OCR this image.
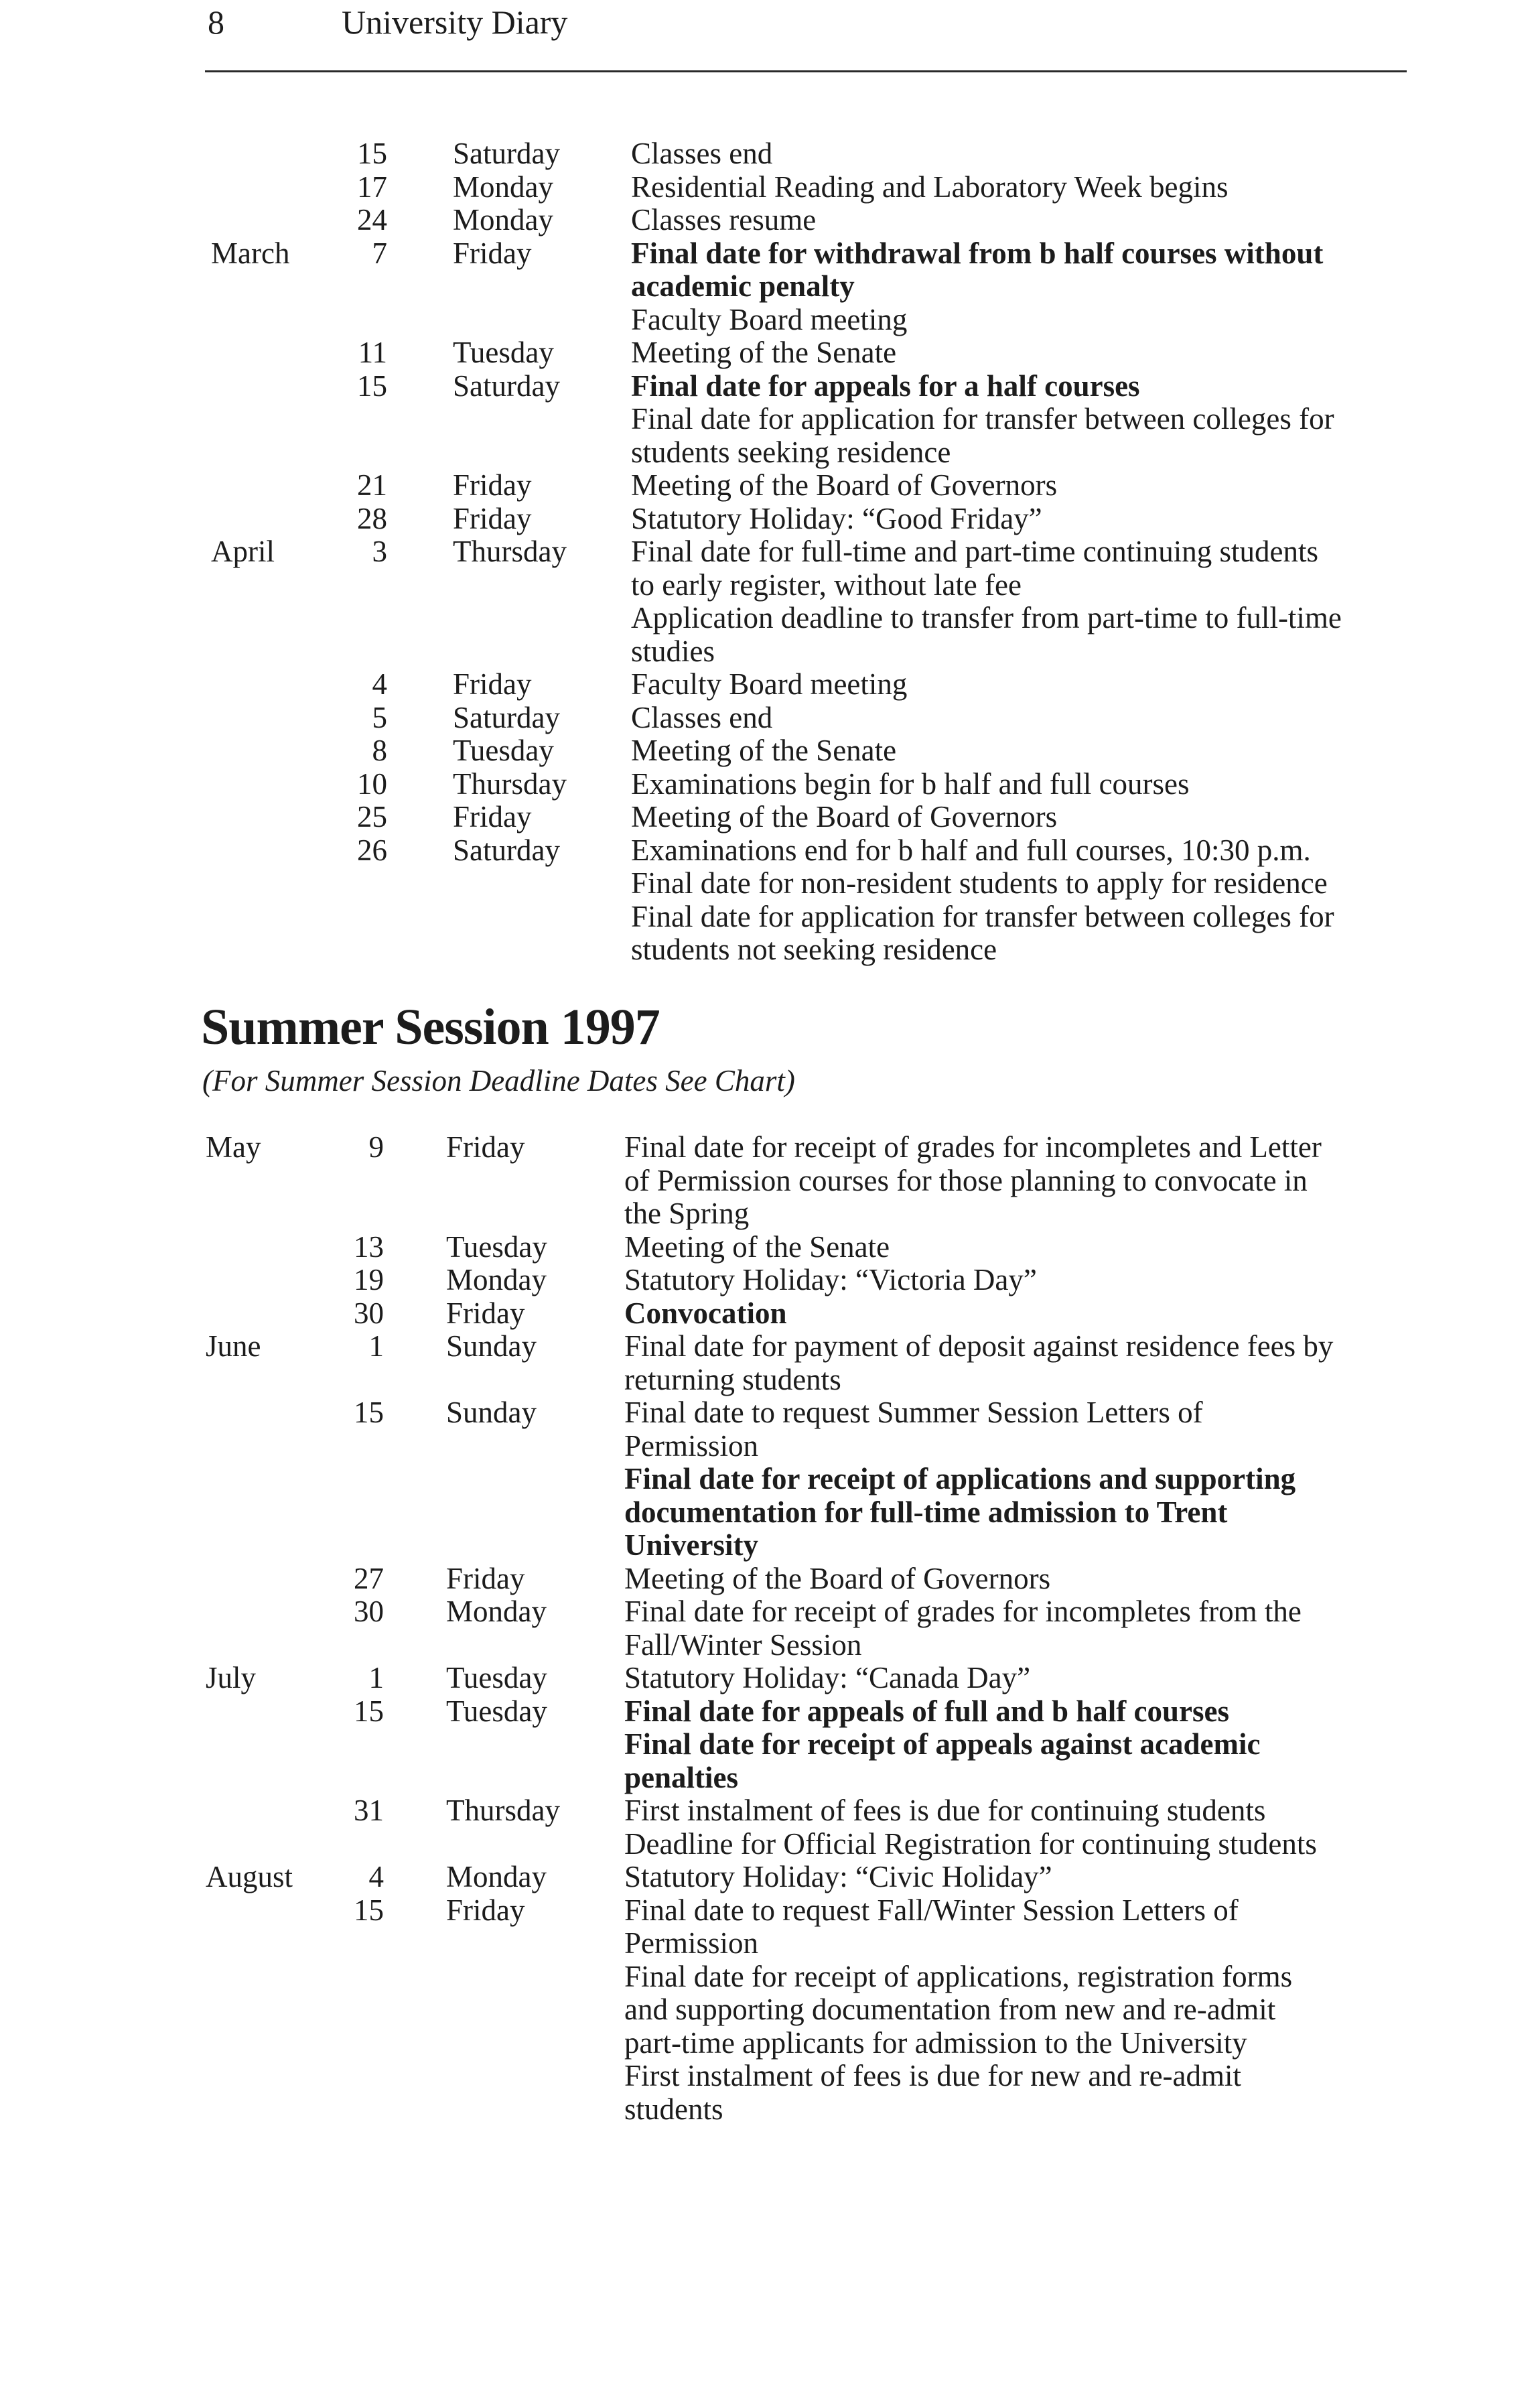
8	University Diary
15 Saturday Classes end
17 Monday	Residential Reading and Laboratory Week begins
24 Monday	Classes resume
March	7 Friday	Final date for withdrawal from b half courses without
academic penalty
Faculty Board meeting
11 Tuesday	Meeting of the Senate
15 Saturday Final date for appeals for a half courses
Final date for application for transfer between colleges for
students seeking residence
21 Friday	Meeting of the Board of Governors
28 Friday	Statutory Holiday: “Good Friday”
April	3 Thursday Final date for full-time and part-time continuing students
to early register, without late fee
Application deadline to transfer from part-time to full-time
studies
4 Friday	Faculty Board meeting
5 Saturday Classes end
8 Tuesday	Meeting of the Senate
10 Thursday Examinations begin for b half and full courses
25 Friday	Meeting of the Board of Governors
26 Saturday Examinations end for b half and full courses, 10:30 p.m.
Final date for non-resident students to apply for residence
Final date for application for transfer between colleges for
students not seeking residence
Summer Session 1997
(For Summer Session Deadline Dates See Chart)
May	9 Friday	Final date for receipt of grades for incompletes and Letter
of Permission courses for those planning to convocate in
the Spring
13 Tuesday	Meeting of the Senate
19 Monday	Statutory Holiday: “Victoria Day”
30 Friday	Convocation
June	1 Sunday	Final date for payment of deposit against residence fees by
returning students
15 Sunday	Final date to request Summer Session Letters of
Permission
Final date for receipt of applications and supporting
documentation for full-time admission to Trent
University
27 Friday	Meeting of the Board of Governors
30 Monday	Final date for receipt of grades for incompletes from the
Fall/Winter Session
July	1 Tuesday	Statutory Holiday: “Canada Day”
15 Tuesday	Final date for appeals of full and b half courses
Final date for receipt of appeals against academic
penalties
31 Thursday First instalment of fees is due for continuing students
Deadline for Official Registration for continuing students
August	4 Monday	Statutory Holiday: “Civic Holiday”
15 Friday	Final date to request Fall/Winter Session Letters of
Permission
Final date for receipt of applications, registration forms
and supporting documentation from new and re-admit
part-time applicants for admission to the University
First instalment of fees is due for new and re-admit
students
